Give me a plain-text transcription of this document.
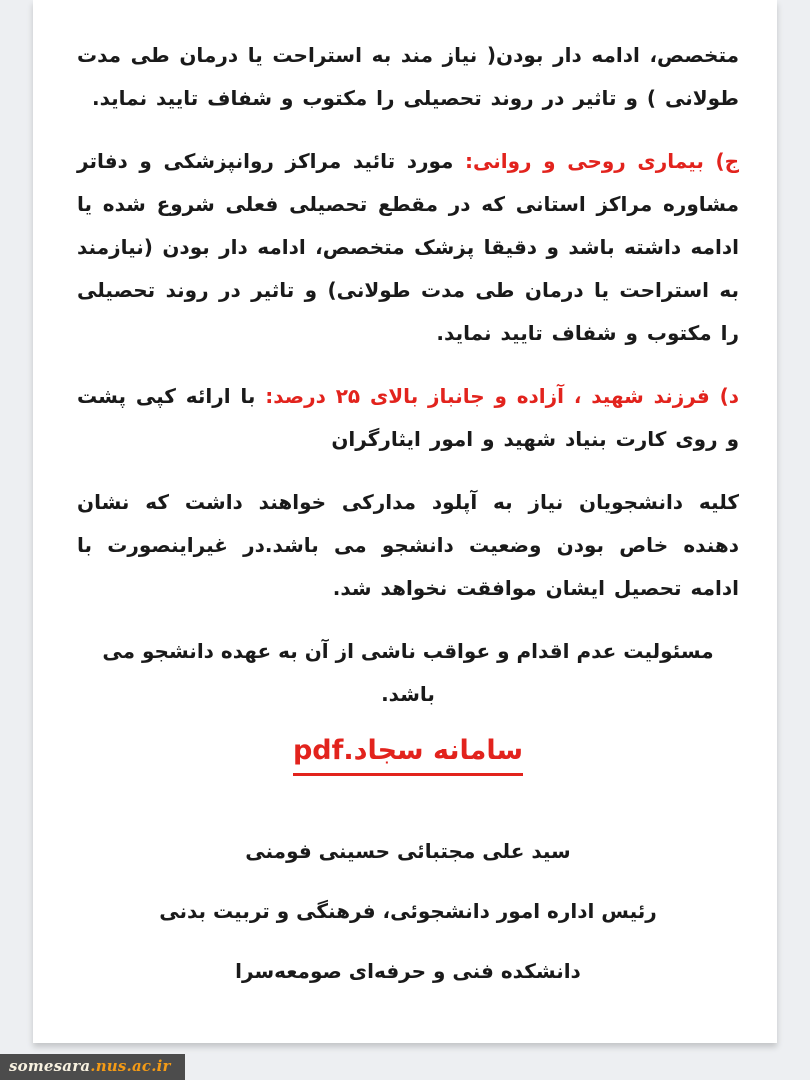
متخصص، ادامه دار بودن( نیاز مند به استراحت یا درمان طی مدت طولانی ) و تاثیر در روند تحصیلی را مکتوب و شفاف تایید نماید.

ج) بیماری روحی و روانی: مورد تائید مراکز روانپزشکی و دفاتر مشاوره مراکز استانی که در مقطع تحصیلی فعلی شروع شده یا ادامه داشته باشد و دقیقا پزشک متخصص، ادامه دار بودن (نیازمند به استراحت یا درمان طی مدت طولانی) و تاثیر در روند تحصیلی را مکتوب و شفاف تایید نماید.

د) فرزند شهید ، آزاده و جانباز بالای ۲۵ درصد: با ارائه کپی پشت و روی کارت بنیاد شهید و امور ایثارگران

کلیه دانشجویان نیاز به آپلود مدارکی خواهند داشت که نشان دهنده خاص بودن وضعیت دانشجو می باشد.در غیراینصورت با ادامه تحصیل ایشان موافقت نخواهد شد.

مسئولیت عدم اقدام و عواقب ناشی از آن به عهده دانشجو می باشد.

سامانه سجاد.pdf
سید علی مجتبائی حسینی فومنی
رئیس اداره امور دانشجوئی، فرهنگی و تربیت بدنی
دانشکده فنی و حرفه‌ای صومعه‌سرا
somesara.nus.ac.ir
